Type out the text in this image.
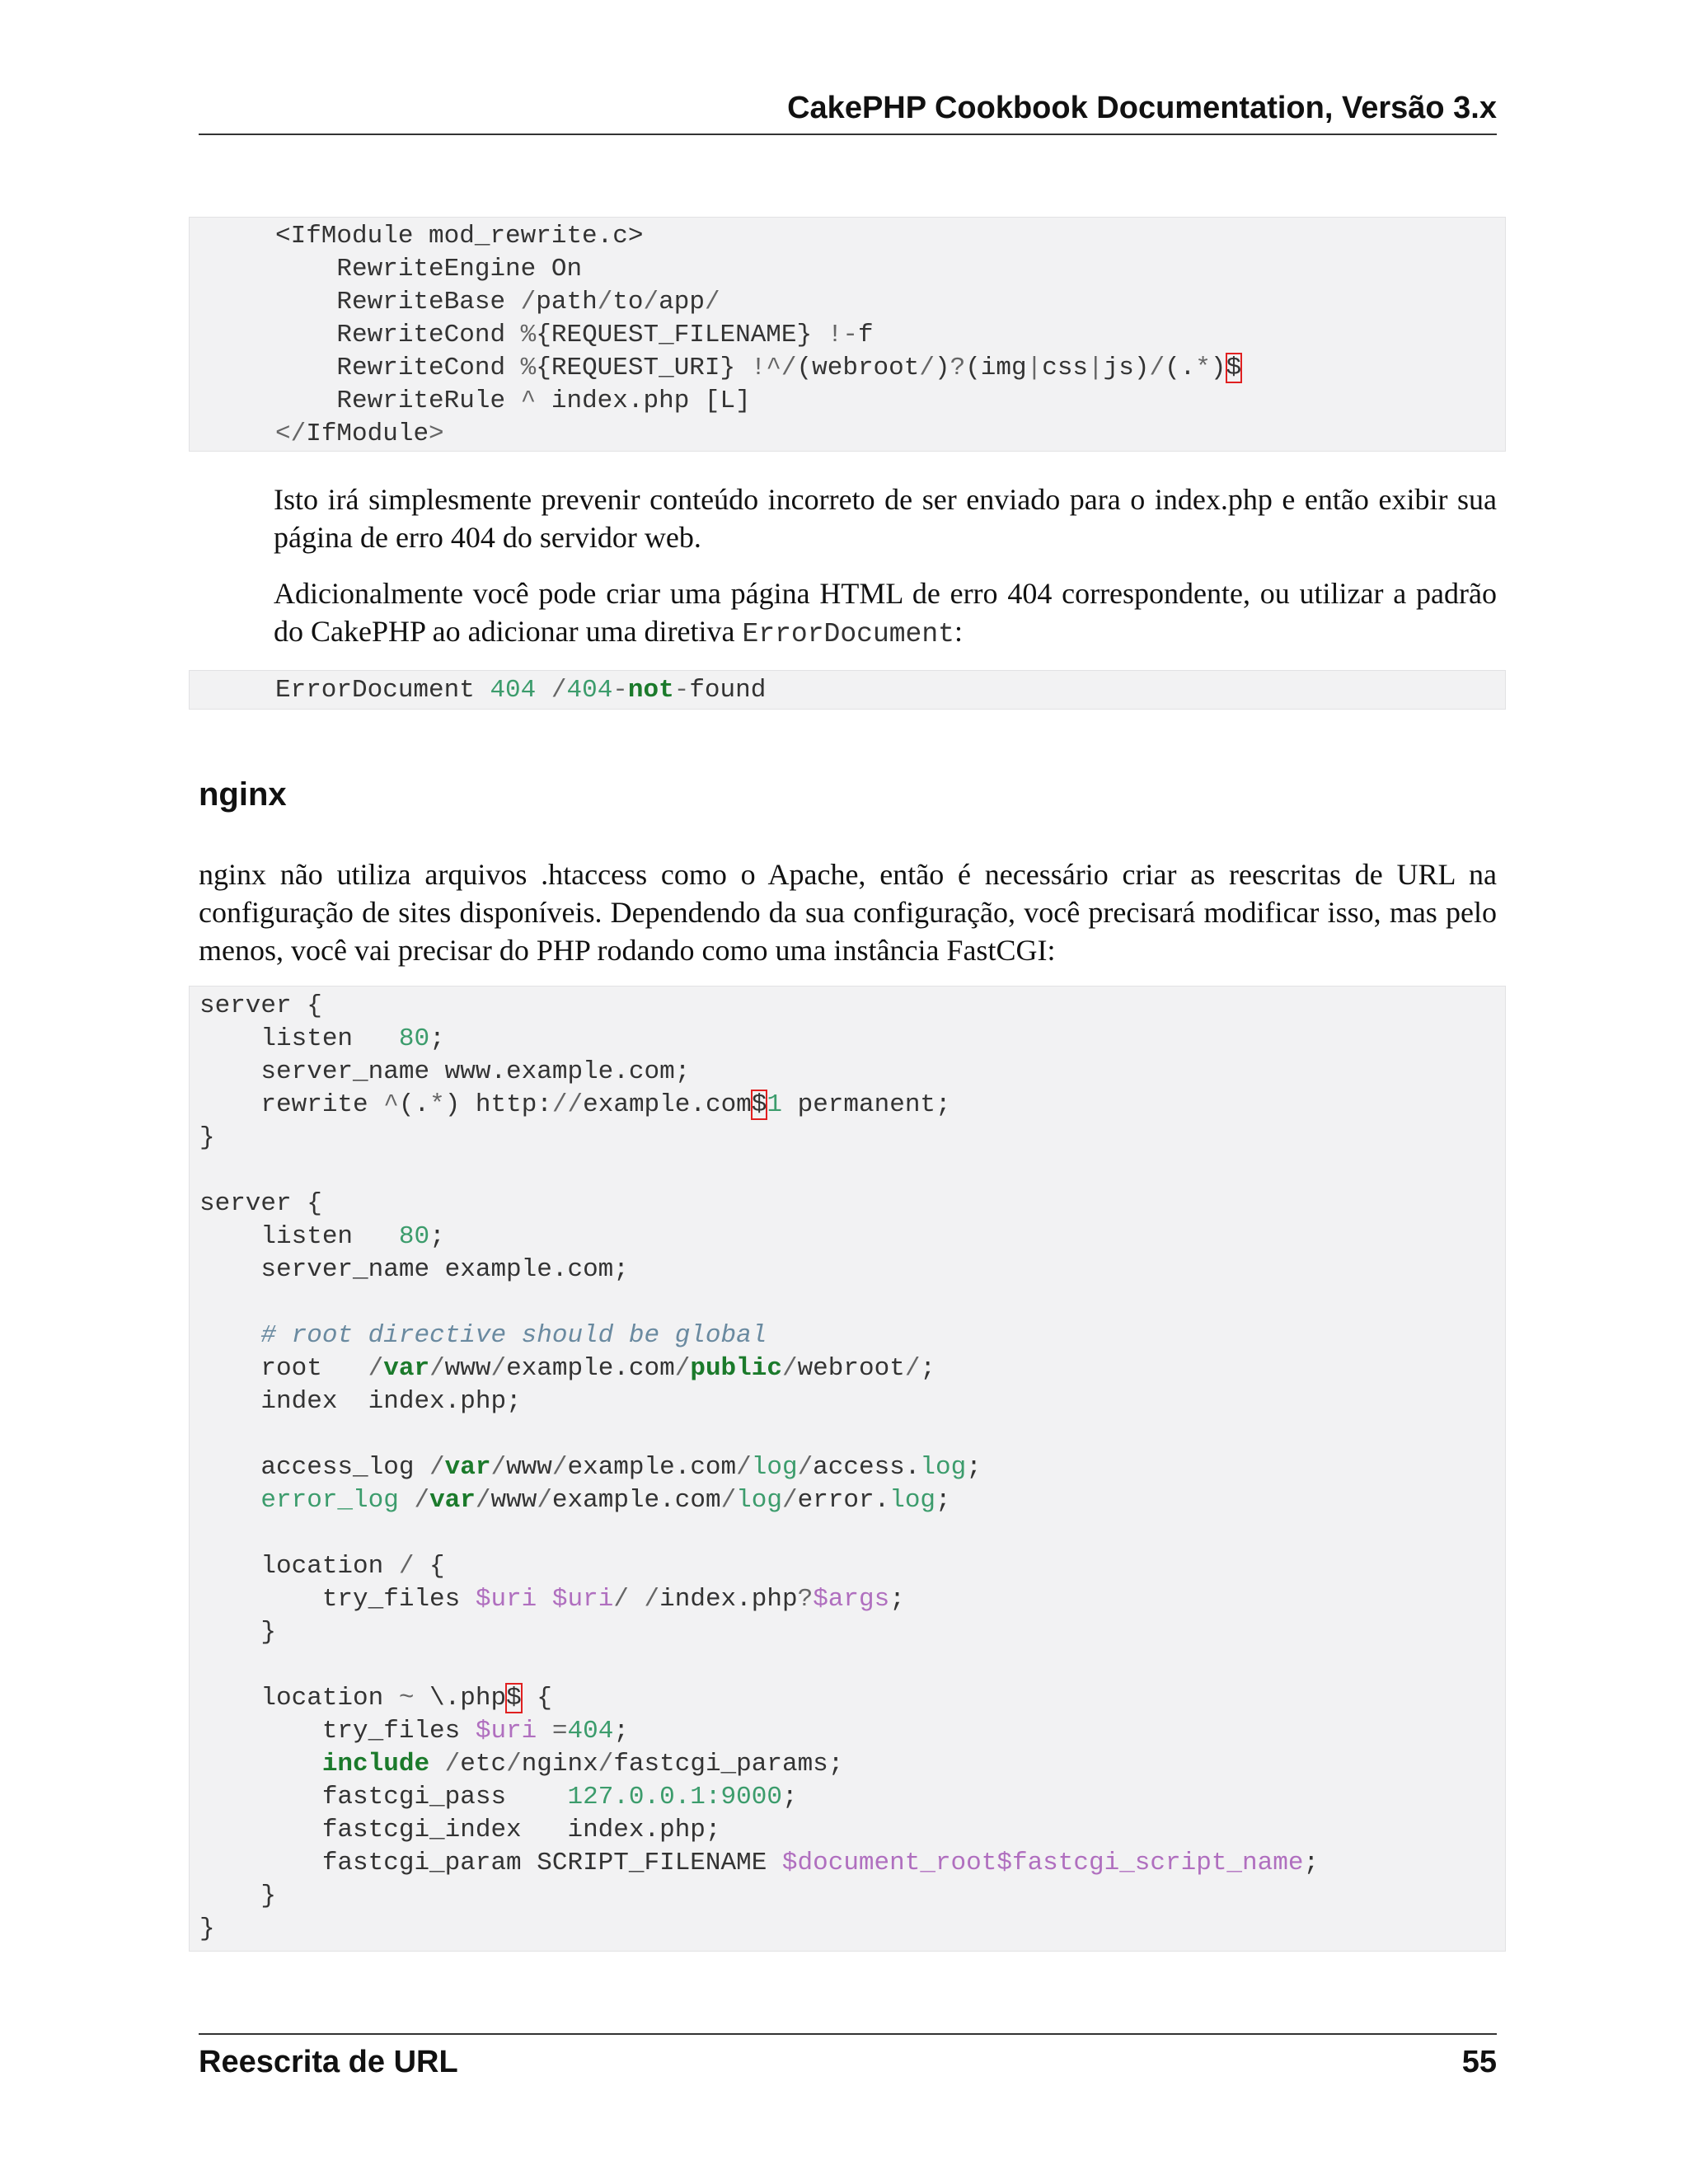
CakePHP Cookbook Documentation, Versão 3.x
<IfModule mod_rewrite.c>
RewriteEngine On
RewriteBase /path/to/app/
RewriteCond %{REQUEST_FILENAME} !-f
RewriteCond %{REQUEST_URI} !^/(webroot/)?(img|css|js)/(.*)$
RewriteRule ^ index.php [L]
</IfModule>

Isto irá simplesmente prevenir conteúdo incorreto de ser enviado para o index.php e então exibir sua página de erro 404 do servidor web.

Adicionalmente você pode criar uma página HTML de erro 404 correspondente, ou utilizar a padrão do CakePHP ao adicionar uma diretiva ErrorDocument:

ErrorDocument 404 /404-not-found
nginx

nginx não utiliza arquivos .htaccess como o Apache, então é necessário criar as reescritas de URL na configuração de sites disponíveis. Dependendo da sua configuração, você precisará modificar isso, mas pelo menos, você vai precisar do PHP rodando como uma instância FastCGI:

server {
listen   80;
server_name www.example.com;
rewrite ^(.*) http://example.com$1 permanent;
}

server {
listen   80;
server_name example.com;

# root directive should be global
root   /var/www/example.com/public/webroot/;
index  index.php;

access_log /var/www/example.com/log/access.log;
error_log /var/www/example.com/log/error.log;

location / {
try_files $uri $uri/ /index.php?$args;
}

location ~ \.php$ {
try_files $uri =404;
include /etc/nginx/fastcgi_params;
fastcgi_pass    127.0.0.1:9000;
fastcgi_index   index.php;
fastcgi_param SCRIPT_FILENAME $document_root$fastcgi_script_name;
}
}
Reescrita de URL	55
